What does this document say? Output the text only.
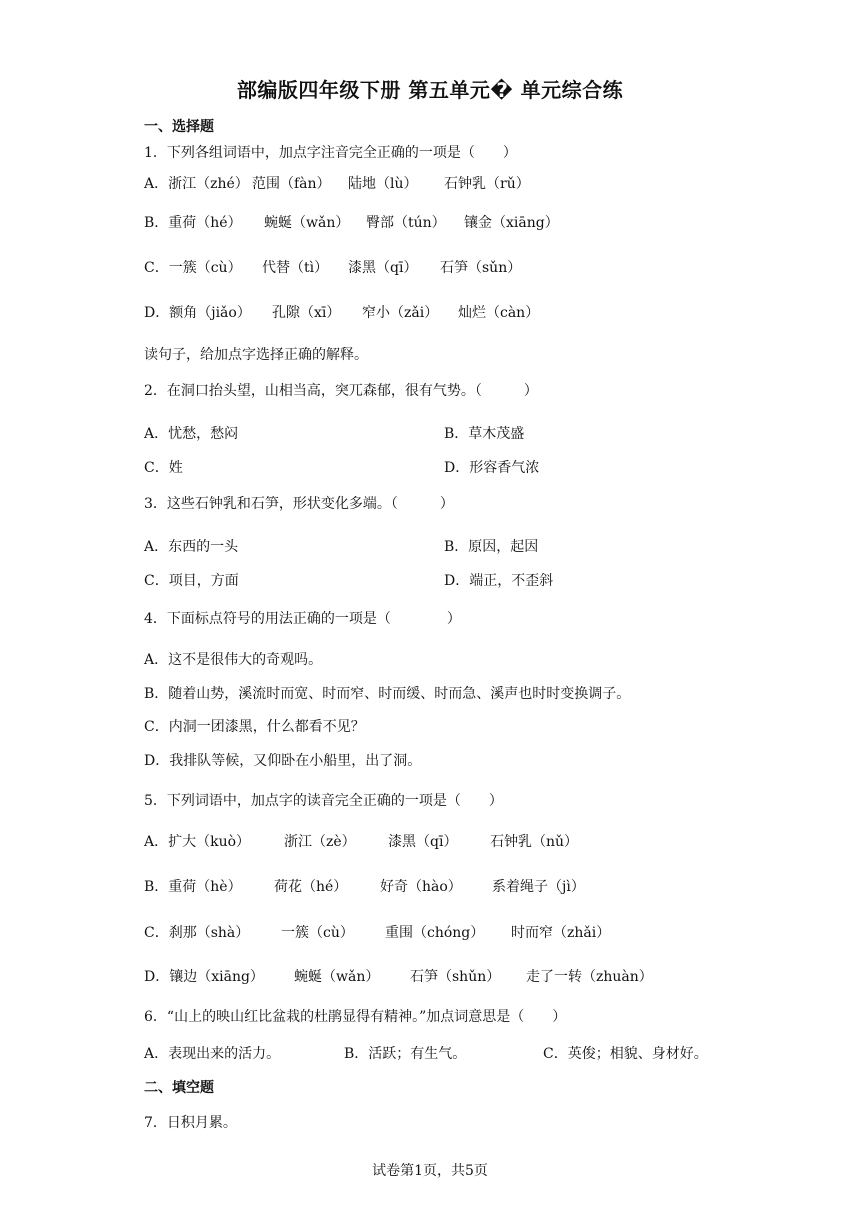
部编版四年级下册 第五单元� 单元综合练
一、选择题
1．下列各组词语中，加点字注音完全正确的一项是（　　）
A．浙江（zhé） 范围（fàn） 陆地（lù） 石钟乳（rǔ）
B．重荷（hé） 蜿蜒（wǎn） 臀部（tún） 镶金（xiāng）
C．一簇（cù） 代替（tì） 漆黑（qī） 石笋（sǔn）
D．额角（jiǎo） 孔隙（xī） 窄小（zǎi） 灿烂（càn）
读句子，给加点字选择正确的解释。
2．在洞口抬头望，山相当高，突兀森郁，很有气势。（　　　）
A．忧愁，愁闷	B．草木茂盛
C．姓	D．形容香气浓
3．这些石钟乳和石笋，形状变化多端。（　　　）
A．东西的一头	B．原因，起因
C．项目，方面	D．端正，不歪斜
4．下面标点符号的用法正确的一项是（　　　　）
A．这不是很伟大的奇观吗。
B．随着山势，溪流时而宽、时而窄、时而缓、时而急、溪声也时时变换调子。
C．内洞一团漆黑，什么都看不见？
D．我排队等候，又仰卧在小船里，出了洞。
5．下列词语中，加点字的读音完全正确的一项是（　　）
A．扩大（kuò） 浙江（zè） 漆黑（qī） 石钟乳（nǔ）
B．重荷（hè） 荷花（hé） 好奇（hào） 系着绳子（jì）
C．刹那（shà） 一簇（cù） 重围（chóng） 时而窄（zhǎi）
D．镶边（xiāng） 蜿蜒（wǎn） 石笋（shǔn） 走了一转（zhuàn）
6．“山上的映山红比盆栽的杜鹃显得有精神。”加点词意思是（　　）
A．表现出来的活力。	B．活跃；有生气。	C．英俊；相貌、身材好。
二、填空题
7．日积月累。
试卷第1页，共5页
